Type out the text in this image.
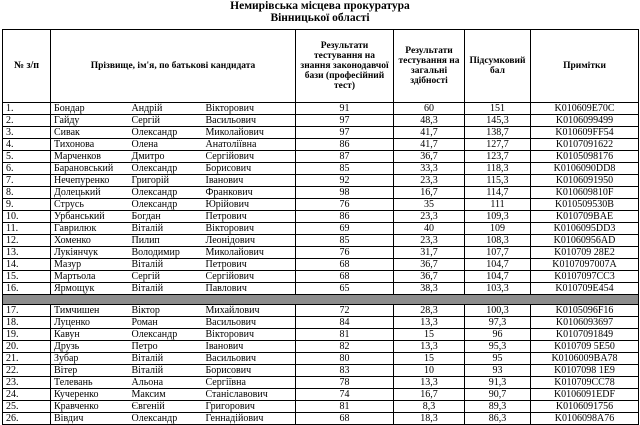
Немирівська місцева прокуратура
Вінницької області
№ з/п	Прізвище, ім'я, по батькові кандидата			Результати тестування на знання законодавчої бази (професійний тест)	Результати тестування на загальні здібності	Підсумковий бал	Примітки
1.	Бондар	Андрій	Вікторович	91	60	151	K010609E70C
2.	Гайду	Сергій	Васильович	97	48,3	145,3	K0106099499
3.	Сивак	Олександр	Миколайович	97	41,7	138,7	K010609FF54
4.	Тихонова	Олена	Анатоліївна	86	41,7	127,7	K0107091622
5.	Марченков	Дмитро	Сергійович	87	36,7	123,7	K0105098176
6.	Барановський	Олександр	Борисович	85	33,3	118,3	K0106090DD8
7.	Нечепуренко	Григорій	Іванович	92	23,3	115,3	K0106091950
8.	Долецький	Олександр	Франкович	98	16,7	114,7	K010609810F
9.	Струсь	Олександр	Юрійович	76	35	111	K010509530B
10.	Урбанський	Богдан	Петрович	86	23,3	109,3	K010709BAE
11.	Гаврилюк	Віталій	Вікторович	69	40	109	K0106095DD3
12.	Хоменко	Пилип	Леонідович	85	23,3	108,3	K01060956AD
13.	Лукіянчук	Володимир	Миколайович	76	31,7	107,7	K010709 28E2
14.	Мазур	Віталій	Петрович	68	36,7	104,7	K0107097007A
15.	Мартьола	Сергій	Сергійович	68	36,7	104,7	K0107097CC3
16.	Ярмощук	Віталій	Павлович	65	38,3	103,3	K010709E454

17.	Тимчишен	Віктор	Михайлович	72	28,3	100,3	K0105096F16
18.	Луценко	Роман	Васильович	84	13,3	97,3	K0106093697
19.	Кавун	Олександр	Вікторович	81	15	96	K0107091849
20.	Друзь	Петро	Іванович	82	13,3	95,3	K010709 5E50
21.	Зубар	Віталій	Васильович	80	15	95	K0106009BA78
22.	Вітер	Віталій	Борисович	83	10	93	K0107098 1E9
23.	Телевань	Альона	Сергіївна	78	13,3	91,3	K010709CC78
24.	Кучеренко	Максим	Станіславович	74	16,7	90,7	K0106091EDF
25.	Кравченко	Євгеній	Григорович	81	8,3	89,3	K0106091756
26.	Вівдич	Олександр	Геннадійович	68	18,3	86,3	K0106098A76
